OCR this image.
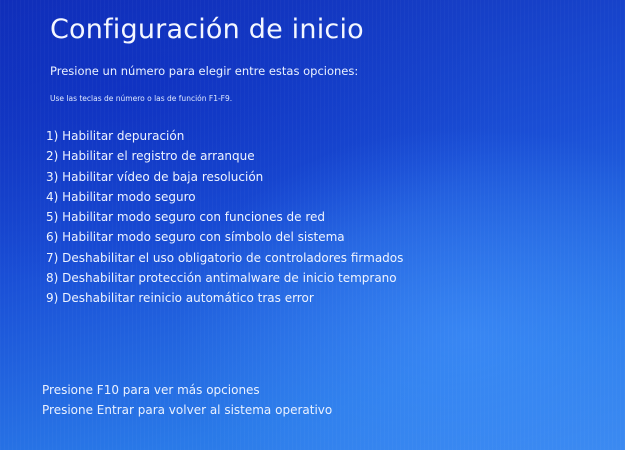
Configuración de inicio
Presione un número para elegir entre estas opciones:
Use las teclas de número o las de función F1-F9.
1) Habilitar depuración
2) Habilitar el registro de arranque
3) Habilitar vídeo de baja resolución
4) Habilitar modo seguro
5) Habilitar modo seguro con funciones de red
6) Habilitar modo seguro con símbolo del sistema
7) Deshabilitar el uso obligatorio de controladores firmados
8) Deshabilitar protección antimalware de inicio temprano
9) Deshabilitar reinicio automático tras error
Presione F10 para ver más opciones
Presione Entrar para volver al sistema operativo
